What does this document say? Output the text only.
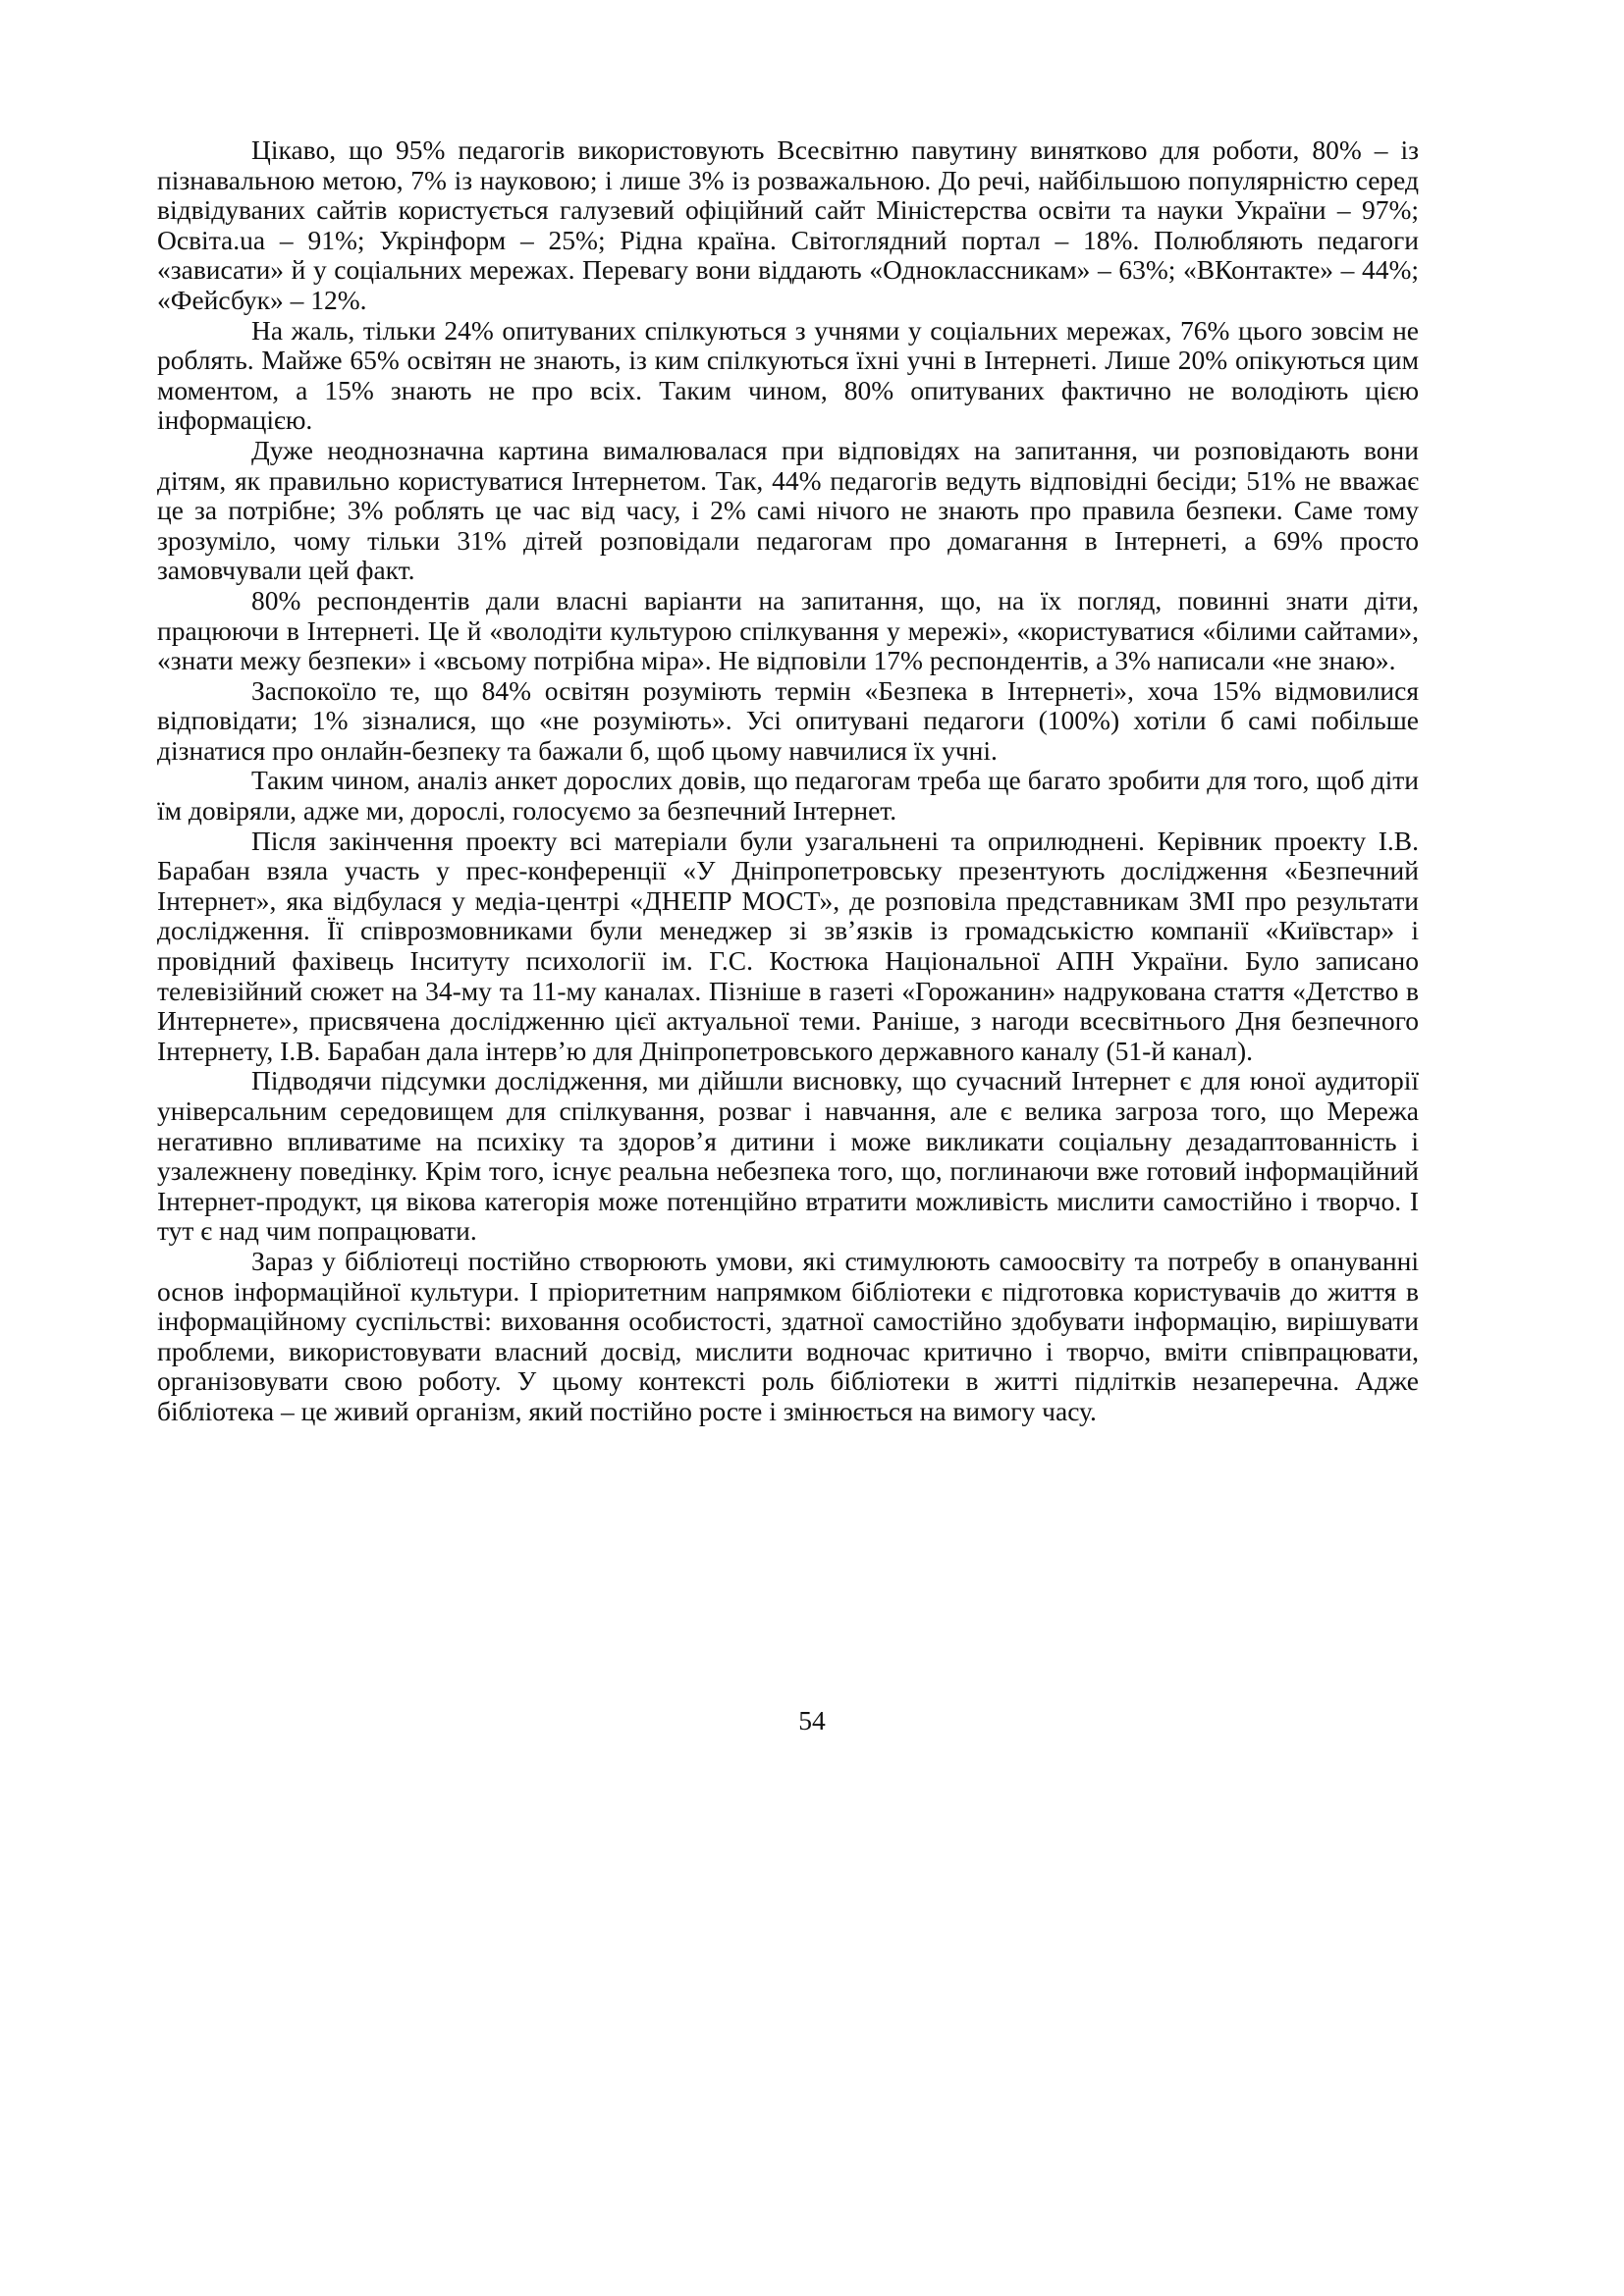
Цікаво, що 95% педагогів використовують Всесвітню павутину винятково для роботи, 80% – із пізнавальною метою, 7% із науковою; і лише 3% із розважальною. До речі, найбільшою популярністю серед відвідуваних сайтів користується галузевий офіційний сайт Міністерства освіти та науки України – 97%; Освіта.ua – 91%; Укрінформ – 25%; Рідна країна. Світоглядний портал – 18%. Полюбляють педагоги «зависати» й у соціальних мережах. Перевагу вони віддають «Одноклассникам» – 63%; «ВКонтакте» – 44%; «Фейсбук» – 12%.

На жаль, тільки 24% опитуваних спілкуються з учнями у соціальних мережах, 76% цього зовсім не роблять. Майже 65% освітян не знають, із ким спілкуються їхні учні в Інтернеті. Лише 20% опікуються цим моментом, а 15% знають не про всіх. Таким чином, 80% опитуваних фактично не володіють цією інформацією.

Дуже неоднозначна картина вималювалася при відповідях на запитання, чи розповідають вони дітям, як правильно користуватися Інтернетом. Так, 44% педагогів ведуть відповідні бесіди; 51% не вважає це за потрібне; 3% роблять це час від часу, і 2% самі нічого не знають про правила безпеки. Саме тому зрозуміло, чому тільки 31% дітей розповідали педагогам про домагання в Інтернеті, а 69% просто замовчували цей факт.

80% респондентів дали власні варіанти на запитання, що, на їх погляд, повинні знати діти, працюючи в Інтернеті. Це й «володіти культурою спілкування у мережі», «користуватися «білими сайтами», «знати межу безпеки» і «всьому потрібна міра». Не відповіли 17% респондентів, а 3% написали «не знаю».

Заспокоїло те, що 84% освітян розуміють термін «Безпека в Інтернеті», хоча 15% відмовилися відповідати; 1% зізналися, що «не розуміють». Усі опитувані педагоги (100%) хотіли б самі побільше дізнатися про онлайн-безпеку та бажали б, щоб цьому навчилися їх учні.

Таким чином, аналіз анкет дорослих довів, що педагогам треба ще багато зробити для того, щоб діти їм довіряли, адже ми, дорослі, голосуємо за безпечний Інтернет.

Після закінчення проекту всі матеріали були узагальнені та оприлюднені. Керівник проекту І.В. Барабан взяла участь у прес-конференції «У Дніпропетровську презентують дослідження «Безпечний Інтернет», яка відбулася у медіа-центрі «ДНЕПР МОСТ», де розповіла представникам ЗМІ про результати дослідження. Її співрозмовниками були менеджер зі звʼязків із громадськістю компанії «Київстар» і провідний фахівець Інситуту психології ім. Г.С. Костюка Національної АПН України. Було записано телевізійний сюжет на 34-му та 11-му каналах. Пізніше в газеті «Горожанин» надрукована стаття «Детство в Интернете», присвячена дослідженню цієї актуальної теми. Раніше, з нагоди всесвітнього Дня безпечного Інтернету, І.В. Барабан дала інтервʼю для Дніпропетровського державного каналу (51-й канал).

Підводячи підсумки дослідження, ми дійшли висновку, що сучасний Інтернет є для юної аудиторії універсальним середовищем для спілкування, розваг і навчання, але є велика загроза того, що Мережа негативно впливатиме на психіку та здоровʼя дитини і може викликати соціальну дезадаптованність і узалежнену поведінку. Крім того, існує реальна небезпека того, що, поглинаючи вже готовий інформаційний Інтернет-продукт, ця вікова категорія може потенційно втратити можливість мислити самостійно і творчо. І тут є над чим попрацювати.

Зараз у бібліотеці постійно створюють умови, які стимулюють самоосвіту та потребу в опануванні основ інформаційної культури. І пріоритетним напрямком бібліотеки є підготовка користувачів до життя в інформаційному суспільстві: виховання особистості, здатної самостійно здобувати інформацію, вирішувати проблеми, використовувати власний досвід, мислити водночас критично і творчо, вміти співпрацювати, організовувати свою роботу. У цьому контексті роль бібліотеки в житті підлітків незаперечна. Адже бібліотека – це живий організм, який постійно росте і змінюється на вимогу часу.

54
